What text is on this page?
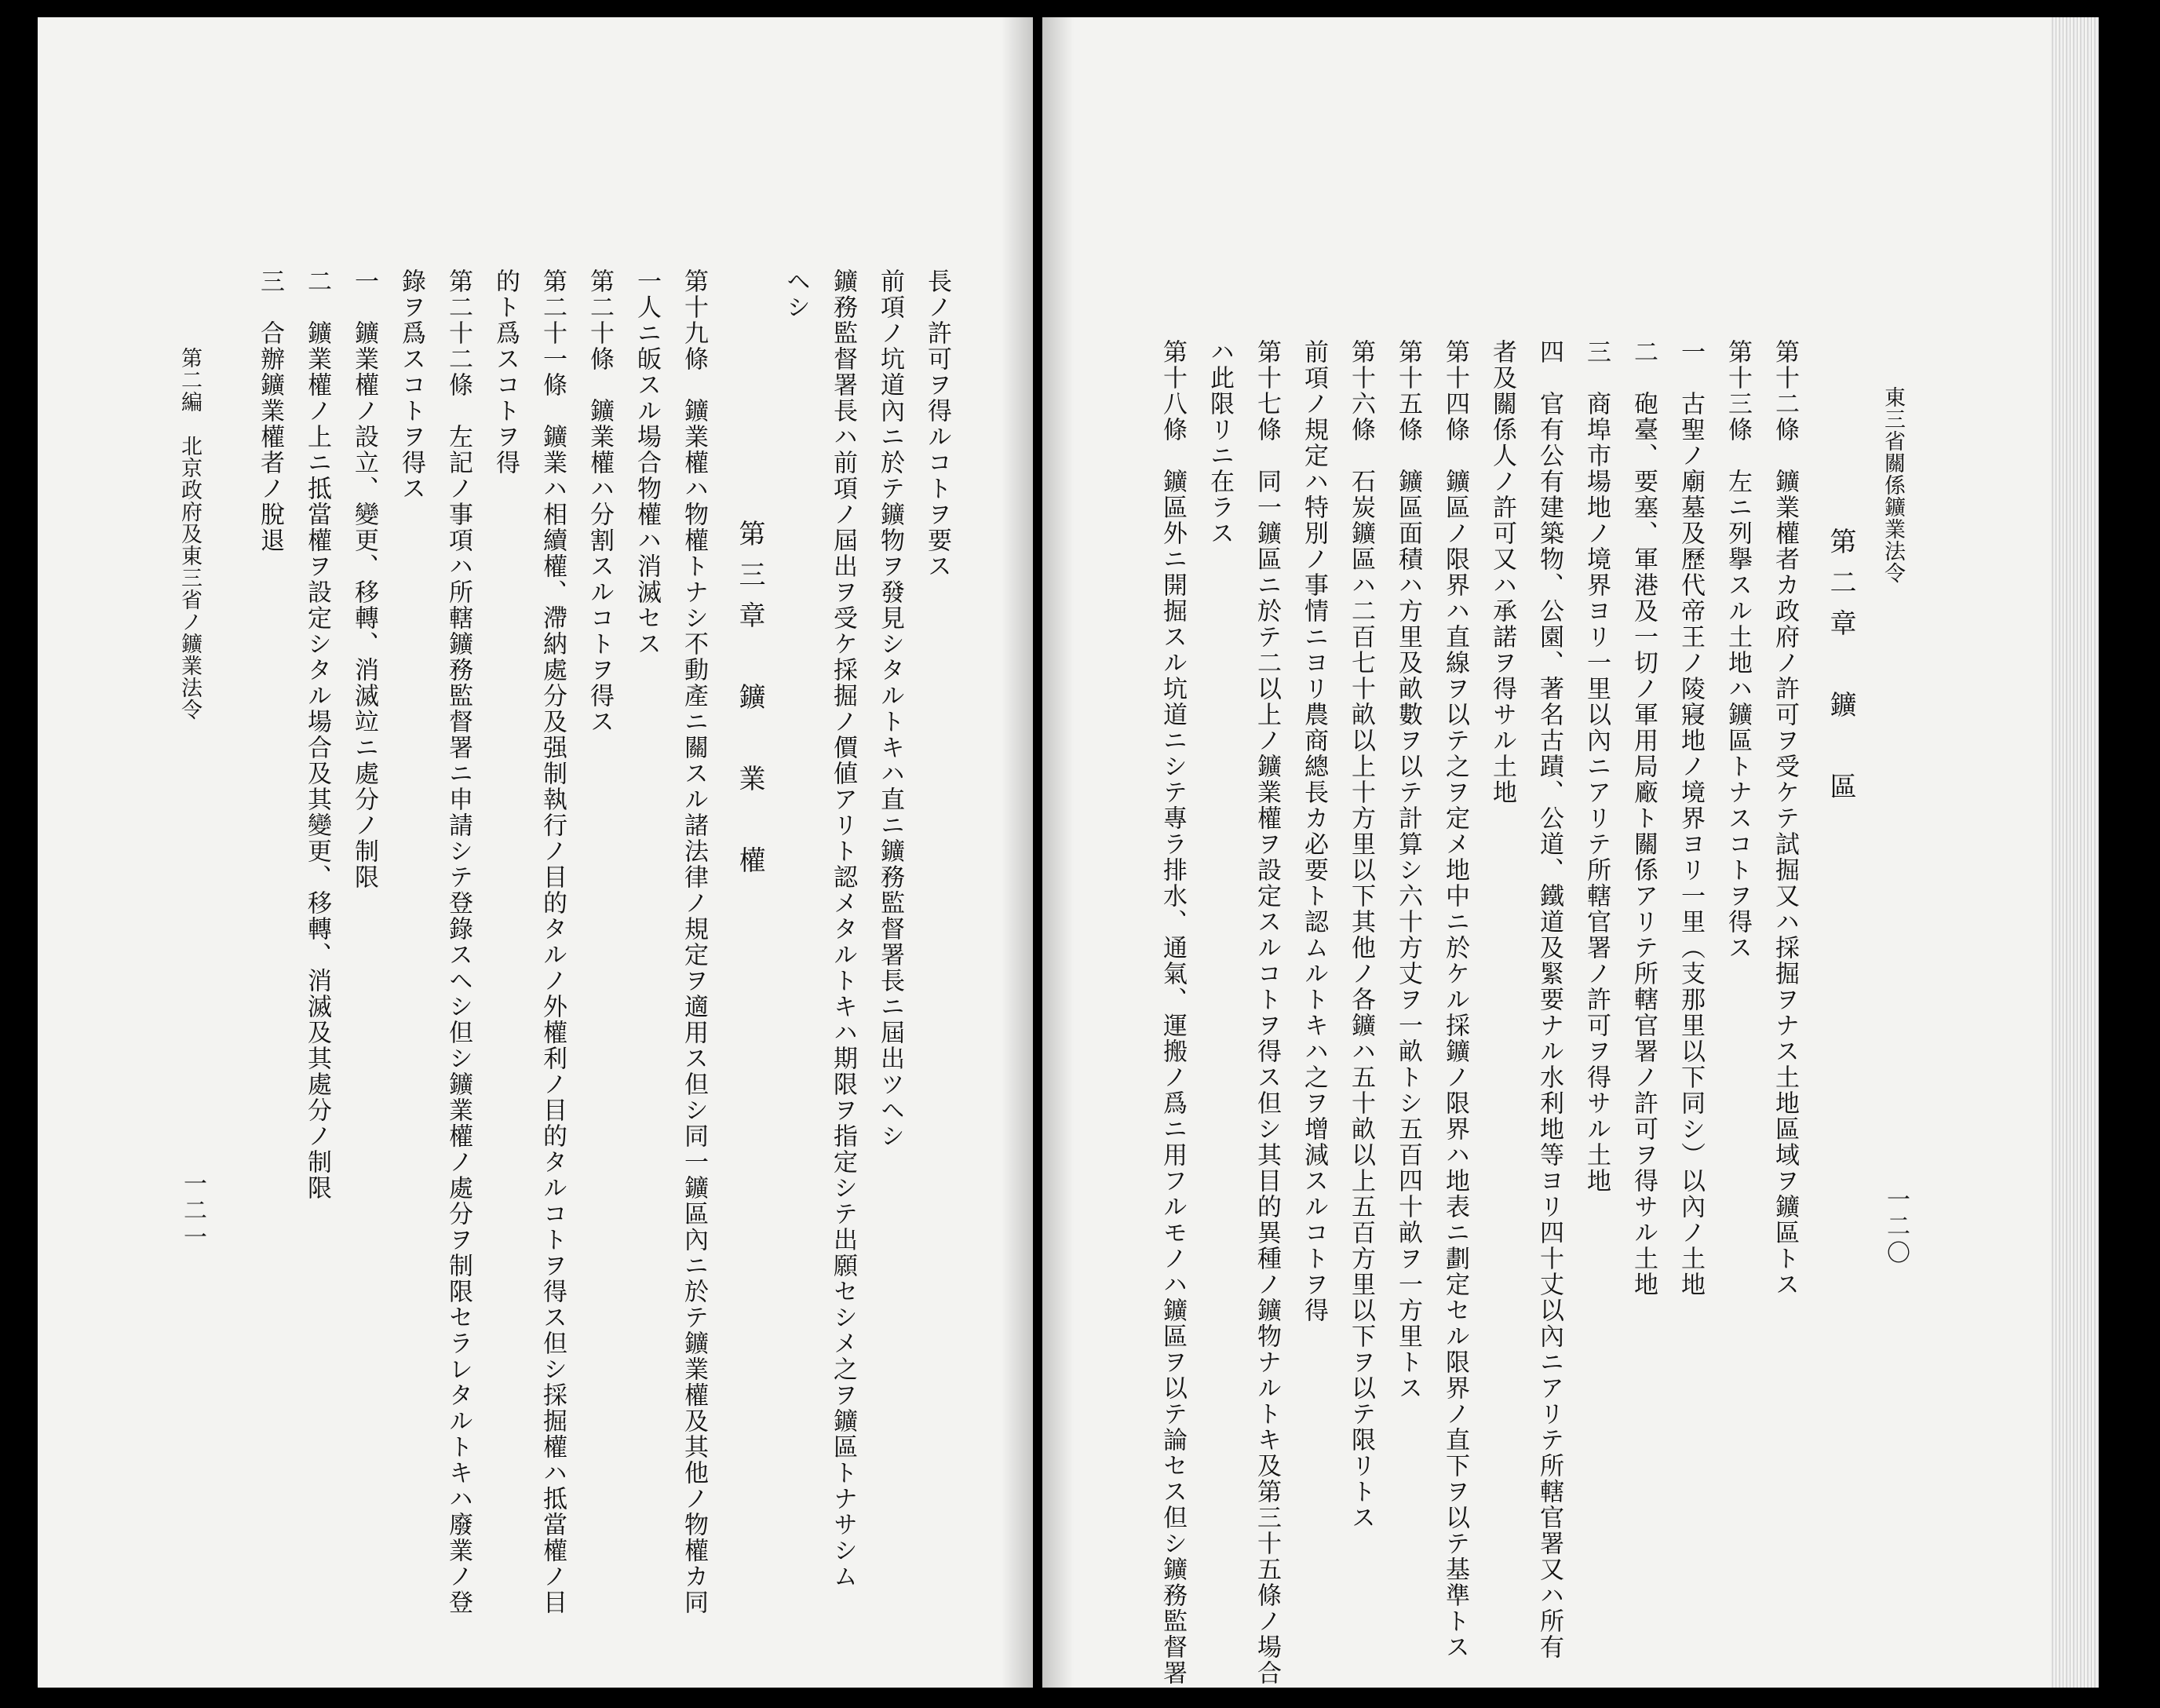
長ノ許可ヲ得ルコトヲ要ス
前項ノ坑道內ニ於テ鑛物ヲ發見シタルトキハ直ニ鑛務監督署長ニ屆出ツヘシ
鑛務監督署長ハ前項ノ屆出ヲ受ケ採掘ノ價値アリト認メタルトキハ期限ヲ指定シテ出願セシメ之ヲ鑛區トナサシム
ヘシ
第三章　鑛　業　權
第十九條　鑛業權ハ物權トナシ不動產ニ關スル諸法律ノ規定ヲ適用ス但シ同一鑛區內ニ於テ鑛業權及其他ノ物權カ同
一人ニ皈スル場合物權ハ消滅セス
第二十條　鑛業權ハ分割スルコトヲ得ス
第二十一條　鑛業ハ相續權、滯納處分及强制執行ノ目的タルノ外權利ノ目的タルコトヲ得ス但シ採掘權ハ抵當權ノ目
的ト爲スコトヲ得
第二十二條　左記ノ事項ハ所轄鑛務監督署ニ申請シテ登錄スヘシ但シ鑛業權ノ處分ヲ制限セラレタルトキハ廢業ノ登
錄ヲ爲スコトヲ得ス
一　鑛業權ノ設立、變更、移轉、消滅竝ニ處分ノ制限
二　鑛業權ノ上ニ抵當權ヲ設定シタル場合及其變更、移轉、消滅及其處分ノ制限
三　合辦鑛業權者ノ脫退
第二編　北京政府及東三省ノ鑛業法令
一二一
東三省關係鑛業法令
一二〇
第二章　鑛　區
第十二條　鑛業權者カ政府ノ許可ヲ受ケテ試掘又ハ採掘ヲナス土地區域ヲ鑛區トス
第十三條　左ニ列擧スル土地ハ鑛區トナスコトヲ得ス
一　古聖ノ廟墓及歷代帝王ノ陵寢地ノ境界ヨリ一里（支那里以下同シ）以內ノ土地
二　砲臺、要塞、軍港及一切ノ軍用局廠ト關係アリテ所轄官署ノ許可ヲ得サル土地
三　商埠市場地ノ境界ヨリ一里以內ニアリテ所轄官署ノ許可ヲ得サル土地
四　官有公有建築物、公園、著名古蹟、公道、鐵道及緊要ナル水利地等ヨリ四十丈以內ニアリテ所轄官署又ハ所有
者及關係人ノ許可又ハ承諾ヲ得サル土地
第十四條　鑛區ノ限界ハ直線ヲ以テ之ヲ定メ地中ニ於ケル採鑛ノ限界ハ地表ニ劃定セル限界ノ直下ヲ以テ基準トス
第十五條　鑛區面積ハ方里及畝數ヲ以テ計算シ六十方丈ヲ一畝トシ五百四十畝ヲ一方里トス
第十六條　石炭鑛區ハ二百七十畝以上十方里以下其他ノ各鑛ハ五十畝以上五百方里以下ヲ以テ限リトス
前項ノ規定ハ特別ノ事情ニヨリ農商總長カ必要ト認ムルトキハ之ヲ增減スルコトヲ得
第十七條　同一鑛區ニ於テ二以上ノ鑛業權ヲ設定スルコトヲ得ス但シ其目的異種ノ鑛物ナルトキ及第三十五條ノ場合
ハ此限リニ在ラス
第十八條　鑛區外ニ開掘スル坑道ニシテ專ラ排水、通氣、運搬ノ爲ニ用フルモノハ鑛區ヲ以テ論セス但シ鑛務監督署
